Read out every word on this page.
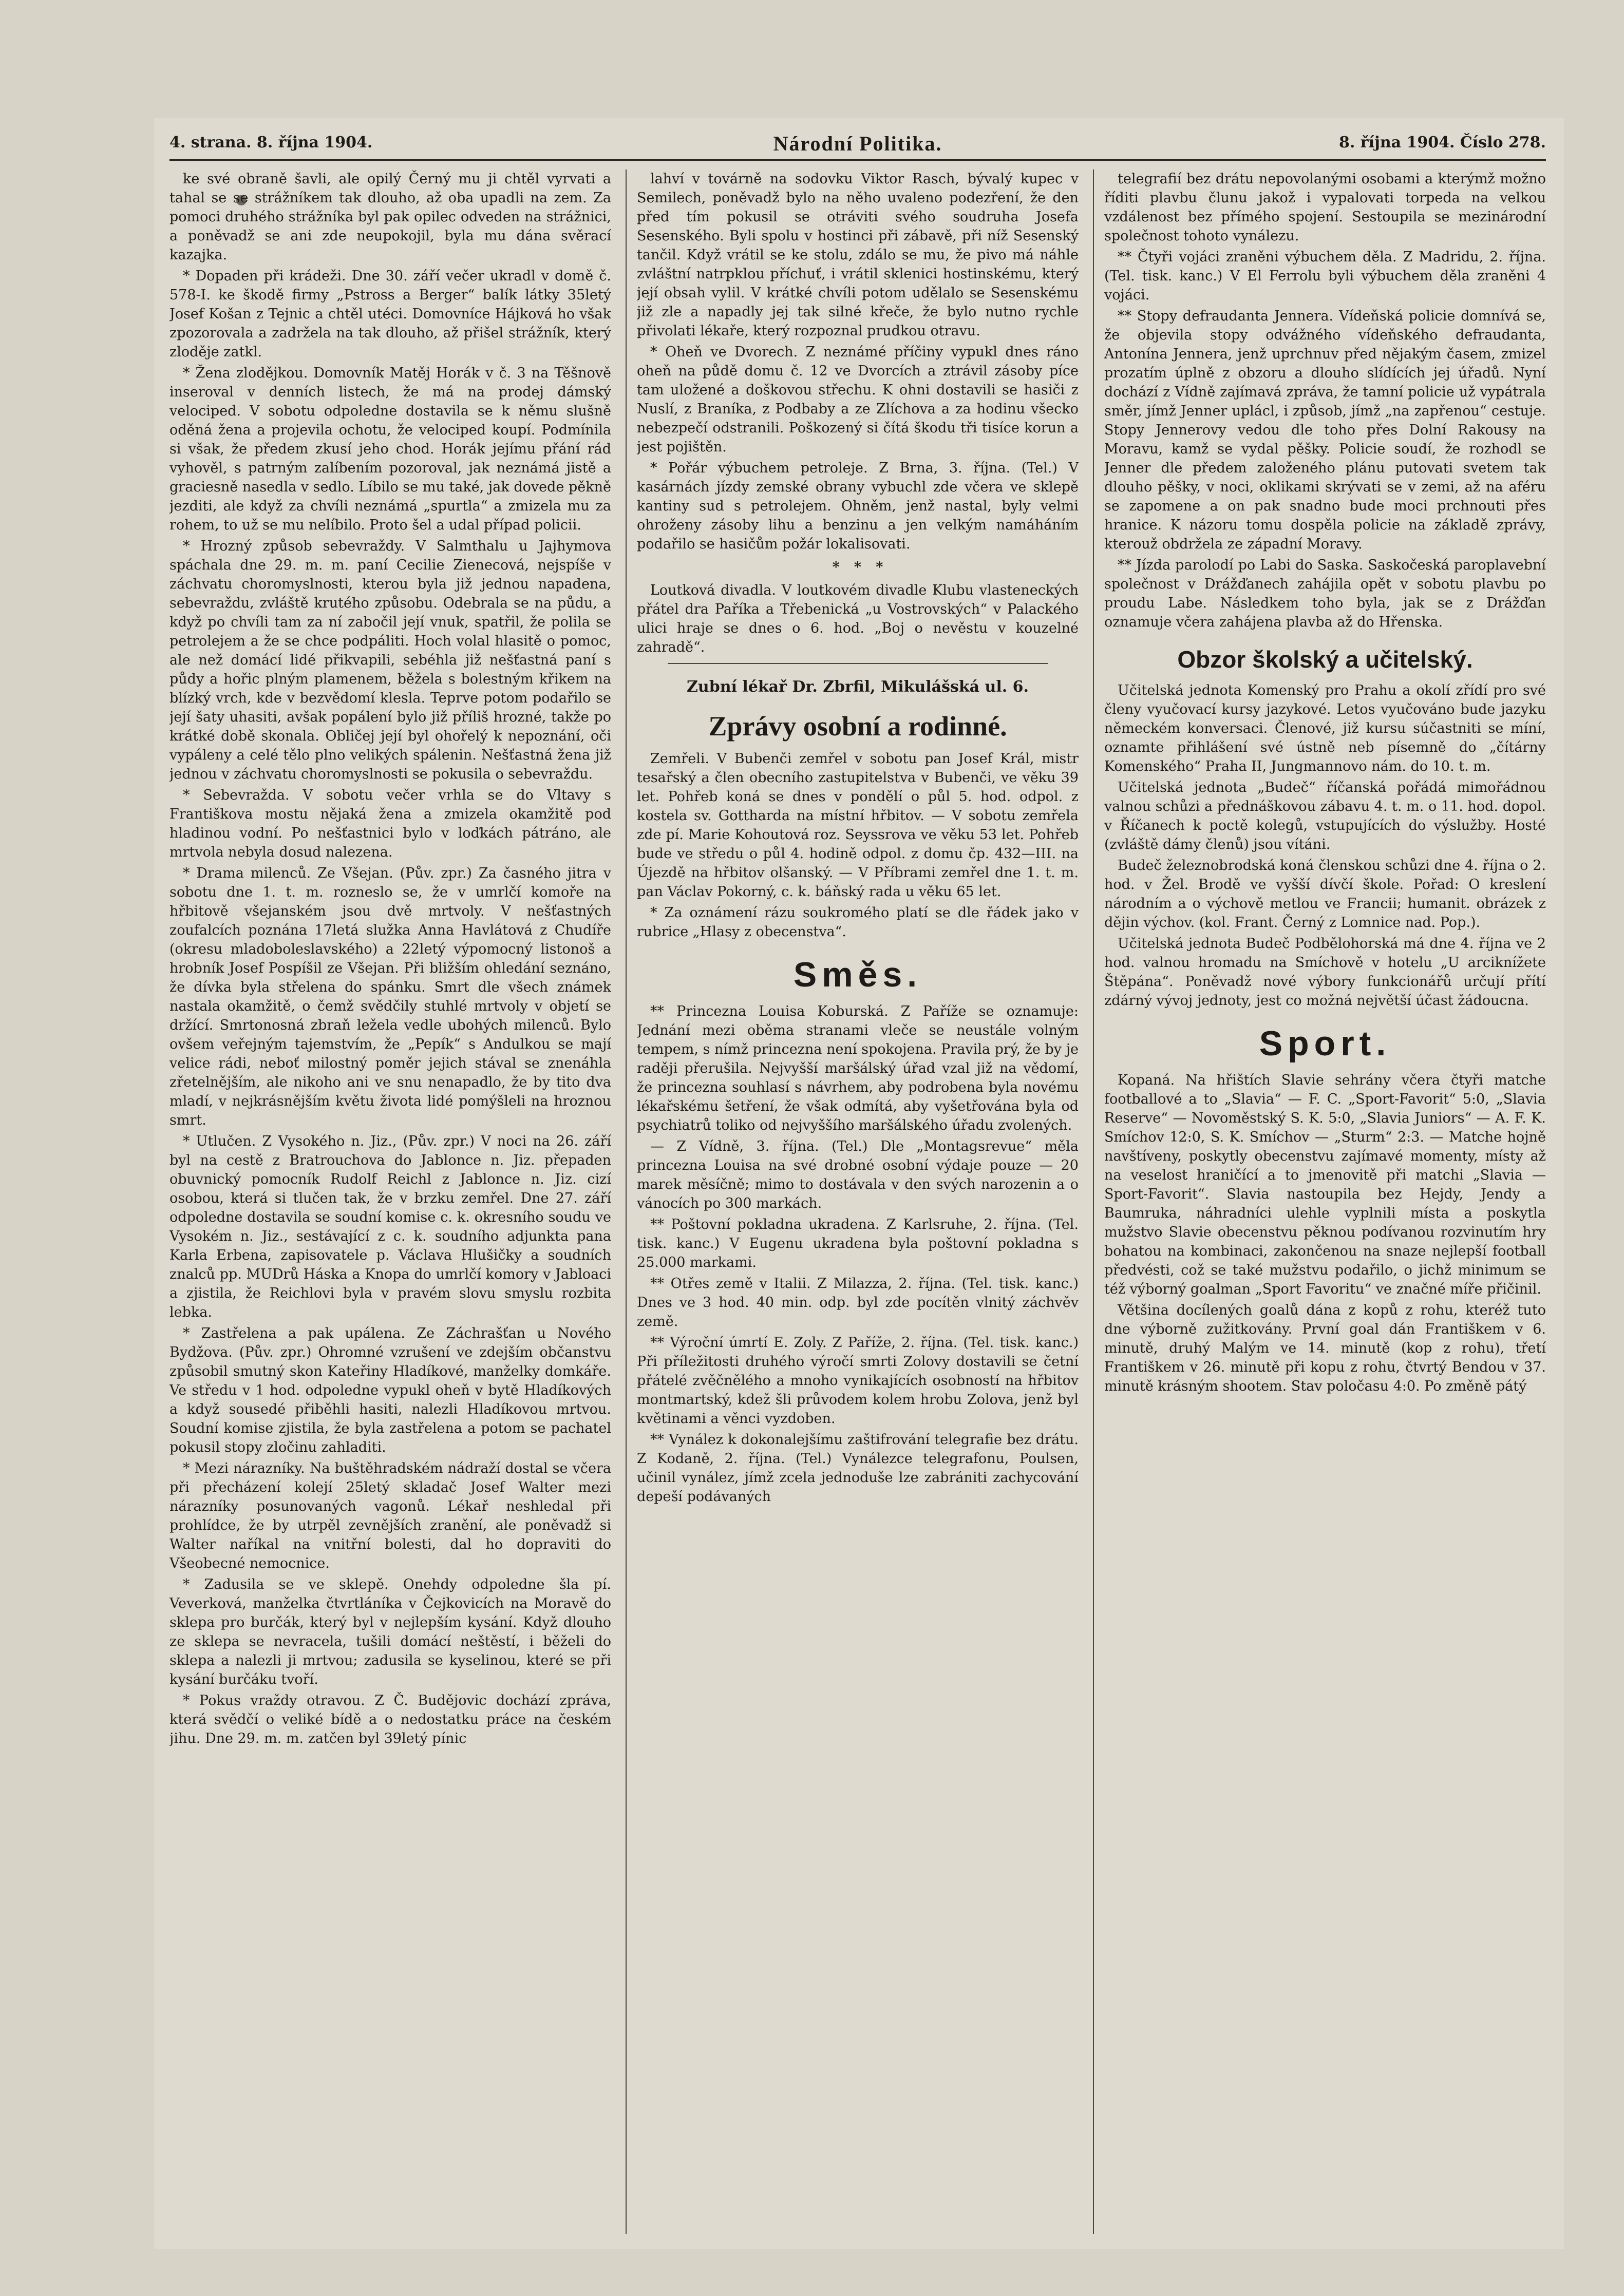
4. strana. 8. října 1904.	Národní Politika.	8. října 1904. Číslo 278.

ke své obraně šavli, ale opilý Černý mu ji chtěl vyrvati a tahal se se strážníkem tak dlouho, až oba upadli na zem. Za pomoci druhého strážníka byl pak opilec odveden na strážnici, a poněvadž se ani zde neupokojil, byla mu dána svěrací kazajka.

* Dopaden při krádeži. Dne 30. září večer ukradl v domě č. 578-I. ke škodě firmy „Pstross a Berger“ balík látky 35letý Josef Košan z Tejnic a chtěl utéci. Domovníce Hájková ho však zpozorovala a zadržela na tak dlouho, až přišel strážník, který zloděje zatkl.

* Žena zlodějkou. Domovník Matěj Horák v č. 3 na Těšnově inseroval v denních listech, že má na prodej dámský velociped. V sobotu odpoledne dostavila se k němu slušně oděná žena a projevila ochotu, že velociped koupí. Podmínila si však, že předem zkusí jeho chod. Horák jejímu přání rád vyhověl, s patrným zalíbením pozoroval, jak neznámá jistě a graciesně nasedla v sedlo. Líbilo se mu také, jak dovede pěkně jezditi, ale když za chvíli neznámá „spurtla“ a zmizela mu za rohem, to už se mu nelíbilo. Proto šel a udal případ policii.

* Hrozný způsob sebevraždy. V Salmthalu u Jajhymova spáchala dne 29. m. m. paní Cecilie Zienecová, nejspíše v záchvatu choromyslnosti, kterou byla již jednou napadena, sebevraždu, zvláště krutého způsobu. Odebrala se na půdu, a když po chvíli tam za ní zabočil její vnuk, spatřil, že polila se petrolejem a že se chce podpáliti. Hoch volal hlasitě o pomoc, ale než domácí lidé přikvapili, sebéhla již nešťastná paní s půdy a hořic plným plamenem, běžela s bolestným křikem na blízký vrch, kde v bezvědomí klesla. Teprve potom podařilo se její šaty uhasiti, avšak popálení bylo již příliš hrozné, takže po krátké době skonala. Obličej její byl ohořelý k nepoznání, oči vypáleny a celé tělo plno velikých spálenin. Nešťastná žena již jednou v záchvatu choromyslnosti se pokusila o sebevraždu.

* Sebevražda. V sobotu večer vrhla se do Vltavy s Františkova mostu nějaká žena a zmizela okamžitě pod hladinou vodní. Po nešťastnici bylo v loďkách pátráno, ale mrtvola nebyla dosud nalezena.

* Drama milenců. Ze Všejan. (Pův. zpr.) Za časného jitra v sobotu dne 1. t. m. rozneslo se, že v umrlčí komoře na hřbitově všejanském jsou dvě mrtvoly. V nešťastných zoufalcích poznána 17letá služka Anna Havlátová z Chudíře (okresu mladoboleslavského) a 22letý výpomocný listonoš a hrobník Josef Pospíšil ze Všejan. Při bližším ohledání seznáno, že dívka byla střelena do spánku. Smrt dle všech známek nastala okamžitě, o čemž svědčily stuhlé mrtvoly v objetí se držící. Smrtonosná zbraň ležela vedle ubohých milenců. Bylo ovšem veřejným tajemstvím, že „Pepík“ s Andulkou se mají velice rádi, neboť milostný poměr jejich stával se znenáhla zřetelnějším, ale nikoho ani ve snu nenapadlo, že by tito dva mladí, v nejkrásnějším květu života lidé pomýšleli na hroznou smrt.

* Utlučen. Z Vysokého n. Jiz., (Pův. zpr.) V noci na 26. září byl na cestě z Bratrouchova do Jablonce n. Jiz. přepaden obuvnický pomocník Rudolf Reichl z Jablonce n. Jiz. cizí osobou, která si tlučen tak, že v brzku zemřel. Dne 27. září odpoledne dostavila se soudní komise c. k. okresního soudu ve Vysokém n. Jiz., sestávající z c. k. soudního adjunkta pana Karla Erbena, zapisovatele p. Václava Hlušičky a soudních znalců pp. MUDrů Háska a Knopa do umrlčí komory v Jabloaci a zjistila, že Reichlovi byla v pravém slovu smyslu rozbita lebka.

* Zastřelena a pak upálena. Ze Záchrašťan u Nového Bydžova. (Pův. zpr.) Ohromné vzrušení ve zdejším občanstvu způsobil smutný skon Kateřiny Hladíkové, manželky domkáře. Ve středu v 1 hod. odpoledne vypukl oheň v bytě Hladíkových a když sousedé přiběhli hasiti, nalezli Hladíkovou mrtvou. Soudní komise zjistila, že byla zastřelena a potom se pachatel pokusil stopy zločinu zahladiti.

* Mezi nárazníky. Na buštěhradském nádraží dostal se včera při přecházení kolejí 25letý skladač Josef Walter mezi nárazníky posunovaných vagonů. Lékař neshledal při prohlídce, že by utrpěl zevnějších zranění, ale poněvadž si Walter naříkal na vnitřní bolesti, dal ho dopraviti do Všeobecné nemocnice.

* Zadusila se ve sklepě. Onehdy odpoledne šla pí. Veverková, manželka čtvrtláníka v Čejkovicích na Moravě do sklepa pro burčák, který byl v nejlepším kysání. Když dlouho ze sklepa se nevracela, tušili domácí neštěstí, i běželi do sklepa a nalezli ji mrtvou; zadusila se kyselinou, které se při kysání burčáku tvoří.

* Pokus vraždy otravou. Z Č. Budějovic dochází zpráva, která svědčí o veliké bídě a o nedostatku práce na českém jihu. Dne 29. m. m. zatčen byl 39letý pínic

lahví v továrně na sodovku Viktor Rasch, bývalý kupec v Semilech, poněvadž bylo na něho uvaleno podezření, že den před tím pokusil se otráviti svého soudruha Josefa Sesenského. Byli spolu v hostinci při zábavě, při níž Sesenský tančil. Když vrátil se ke stolu, zdálo se mu, že pivo má náhle zvláštní natrpklou příchuť, i vrátil sklenici hostinskému, který její obsah vylil. V krátké chvíli potom udělalo se Sesenskému již zle a napadly jej tak silné křeče, že bylo nutno rychle přivolati lékaře, který rozpoznal prudkou otravu.

* Oheň ve Dvorech. Z neznámé příčiny vypukl dnes ráno oheň na půdě domu č. 12 ve Dvorcích a ztrávil zásoby píce tam uložené a doškovou střechu. K ohni dostavili se hasiči z Nuslí, z Braníka, z Podbaby a ze Zlíchova a za hodinu všecko nebezpečí odstranili. Poškozený si čítá škodu tři tisíce korun a jest pojištěn.

* Pořár výbuchem petroleje. Z Brna, 3. října. (Tel.) V kasárnách jízdy zemské obrany vybuchl zde včera ve sklepě kantiny sud s petrolejem. Ohněm, jenž nastal, byly velmi ohroženy zásoby lihu a benzinu a jen velkým namáháním podařilo se hasičům požár lokalisovati.

*   *   *

Loutková divadla. V loutkovém divadle Klubu vlasteneckých přátel dra Paříka a Třebenická „u Vostrovských“ v Palackého ulici hraje se dnes o 6. hod. „Boj o nevěstu v kouzelné zahradě“.

Zubní lékař Dr. Zbrfil, Mikulášská ul. 6.
Zprávy osobní a rodinné.

Zemřeli. V Bubenči zemřel v sobotu pan Josef Král, mistr tesařský a člen obecního zastupitelstva v Bubenči, ve věku 39 let. Pohřeb koná se dnes v pondělí o půl 5. hod. odpol. z kostela sv. Gottharda na místní hřbitov. — V sobotu zemřela zde pí. Marie Kohoutová roz. Seyssrova ve věku 53 let. Pohřeb bude ve středu o půl 4. hodině odpol. z domu čp. 432—III. na Újezdě na hřbitov olšanský. — V Příbrami zemřel dne 1. t. m. pan Václav Pokorný, c. k. báňský rada u věku 65 let.

* Za oznámení rázu soukromého platí se dle řádek jako v rubrice „Hlasy z obecenstva“.

Směs.

** Princezna Louisa Koburská. Z Paříže se oznamuje: Jednání mezi oběma stranami vleče se neustále volným tempem, s nímž princezna není spokojena. Pravila prý, že by je raději přerušila. Nejvyšší maršálský úřad vzal již na vědomí, že princezna souhlasí s návrhem, aby podrobena byla novému lékařskému šetření, že však odmítá, aby vyšetřována byla od psychiatrů toliko od nejvyššího maršálského úřadu zvolených.

— Z Vídně, 3. října. (Tel.) Dle „Montagsrevue“ měla princezna Louisa na své drobné osobní výdaje pouze — 20 marek měsíčně; mimo to dostávala v den svých narozenin a o vánocích po 300 markách.

** Poštovní pokladna ukradena. Z Karlsruhe, 2. října. (Tel. tisk. kanc.) V Eugenu ukradena byla poštovní pokladna s 25.000 markami.

** Otřes země v Italii. Z Milazza, 2. října. (Tel. tisk. kanc.) Dnes ve 3 hod. 40 min. odp. byl zde pocítěn vlnitý záchvěv země.

** Výroční úmrtí E. Zoly. Z Paříže, 2. října. (Tel. tisk. kanc.) Při příležitosti druhého výročí smrti Zolovy dostavili se četní přátelé zvěčnělého a mnoho vynikajících osobností na hřbitov montmartský, kdež šli průvodem kolem hrobu Zolova, jenž byl květinami a věnci vyzdoben.

** Vynález k dokonalejšímu zaštifrování telegrafie bez drátu. Z Kodaně, 2. října. (Tel.) Vynálezce telegrafonu, Poulsen, učinil vynález, jímž zcela jednoduše lze zabrániti zachycování depeší podávaných

telegrafií bez drátu nepovolanými osobami a kterýmž možno říditi plavbu člunu jakož i vypalovati torpeda na velkou vzdálenost bez přímého spojení. Sestoupila se mezinárodní společnost tohoto vynálezu.

** Čtyři vojáci zraněni výbuchem děla. Z Madridu, 2. října. (Tel. tisk. kanc.) V El Ferrolu byli výbuchem děla zraněni 4 vojáci.

** Stopy defraudanta Jennera. Vídeňská policie domnívá se, že objevila stopy odvážného vídeňského defraudanta, Antonína Jennera, jenž uprchnuv před nějakým časem, zmizel prozatím úplně z obzoru a dlouho slídících jej úřadů. Nyní dochází z Vídně zajímavá zpráva, že tamní policie už vypátrala směr, jímž Jenner uplácl, i způsob, jímž „na zapřenou“ cestuje. Stopy Jennerovy vedou dle toho přes Dolní Rakousy na Moravu, kamž se vydal pěšky. Policie soudí, že rozhodl se Jenner dle předem založeného plánu putovati svetem tak dlouho pěšky, v noci, oklikami skrývati se v zemi, až na aféru se zapomene a on pak snadno bude moci prchnouti přes hranice. K názoru tomu dospěla policie na základě zprávy, kterouž obdržela ze západní Moravy.

** Jízda parolodí po Labi do Saska. Saskočeská paroplavební společnost v Drážďanech zahájila opět v sobotu plavbu po proudu Labe. Následkem toho byla, jak se z Drážďan oznamuje včera zahájena plavba až do Hřenska.

Obzor školský a učitelský.

Učitelská jednota Komenský pro Prahu a okolí zřídí pro své členy vyučovací kursy jazykové. Letos vyučováno bude jazyku německém konversaci. Členové, již kursu súčastniti se míní, oznamte přihlášení své ústně neb písemně do „čítárny Komenského“ Praha II, Jungmannovo nám. do 10. t. m.

Učitelská jednota „Budeč“ říčanská pořádá mimořádnou valnou schůzi a přednáškovou zábavu 4. t. m. o 11. hod. dopol. v Říčanech k poctě kolegů, vstupujících do výslužby. Hosté (zvláště dámy členů) jsou vítáni.

Budeč železnobrodská koná členskou schůzi dne 4. října o 2. hod. v Žel. Brodě ve vyšší dívčí škole. Pořad: O kreslení národním a o výchově metlou ve Francii; humanit. obrázek z dějin výchov. (kol. Frant. Černý z Lomnice nad. Pop.).

Učitelská jednota Budeč Podbělohorská má dne 4. října ve 2 hod. valnou hromadu na Smíchově v hotelu „U arciknížete Štěpána“. Poněvadž nové výbory funkcionářů určují přítí zdárný vývoj jednoty, jest co možná největší účast žádoucna.

Sport.

Kopaná. Na hřištích Slavie sehrány včera čtyři matche footballové a to „Slavia“ — F. C. „Sport-Favorit“ 5:0, „Slavia Reserve“ — Novoměstský S. K. 5:0, „Slavia Juniors“ — A. F. K. Smíchov 12:0, S. K. Smíchov — „Sturm“ 2:3. — Matche hojně navštíveny, poskytly obecenstvu zajímavé momenty, místy až na veselost hraničící a to jmenovitě při matchi „Slavia — Sport-Favorit“. Slavia nastoupila bez Hejdy, Jendy a Baumruka, náhradníci ulehle vyplnili místa a poskytla mužstvo Slavie obecenstvu pěknou podívanou rozvinutím hry bohatou na kombinaci, zakončenou na snaze nejlepší football předvésti, což se také mužstvu podařilo, o jichž minimum se též výborný goalman „Sport Favoritu“ ve značné míře přičinil.

Většina docílených goalů dána z kopů z rohu, kteréž tuto dne výborně zužitkovány. První goal dán Františkem v 6. minutě, druhý Malým ve 14. minutě (kop z rohu), třetí Františkem v 26. minutě při kopu z rohu, čtvrtý Bendou v 37. minutě krásným shootem. Stav poločasu 4:0. Po změně pátý
